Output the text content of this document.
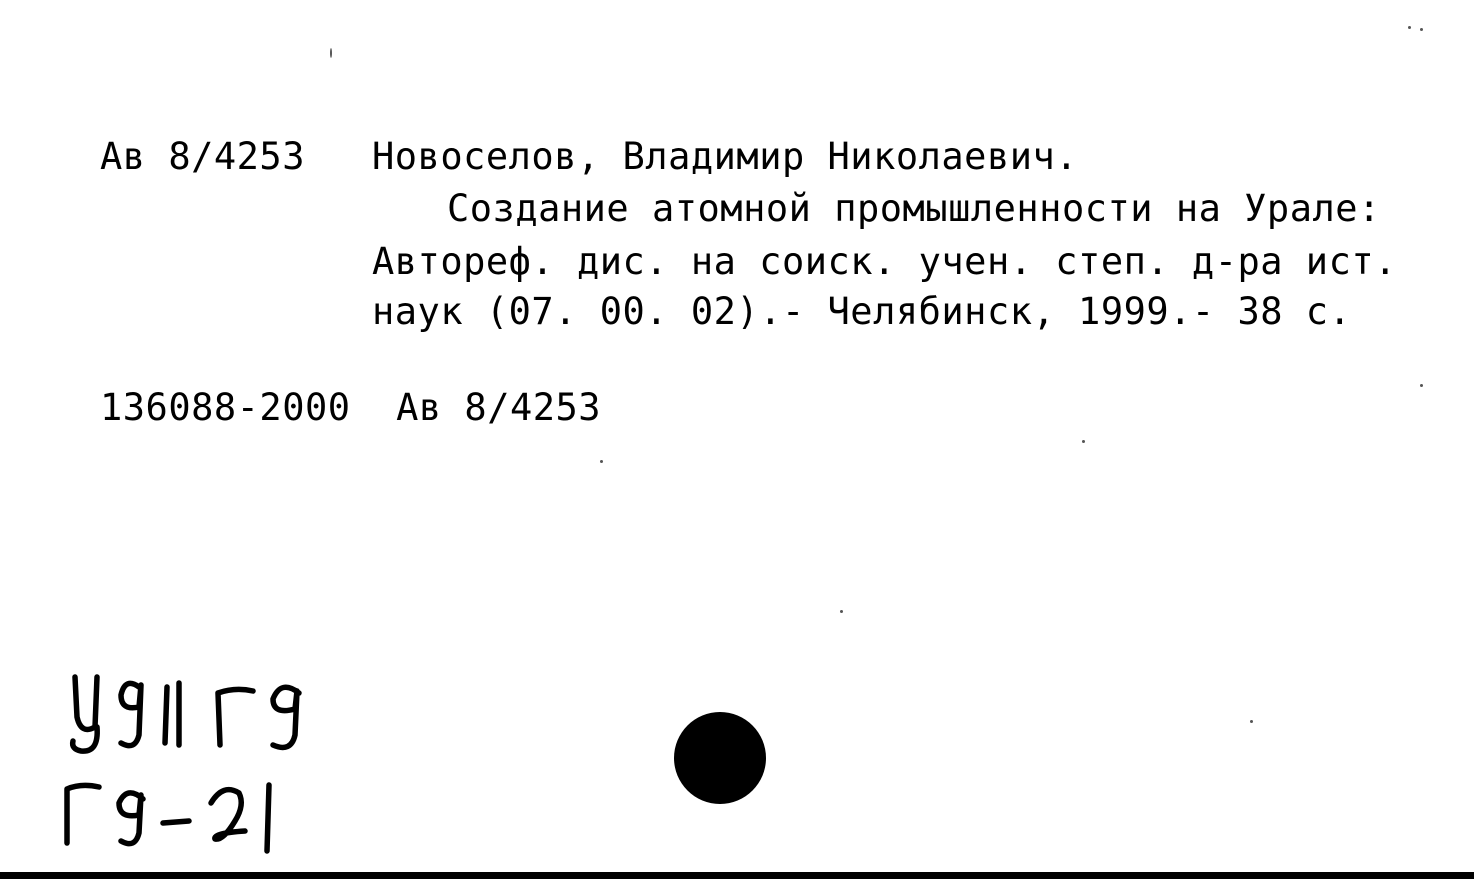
Ав 8/4253 Новоселов, Владимир Николаевич.
Создание атомной промышленности на Урале:
Автореф. дис. на соиск. учен. степ. д-ра ист.
наук (07. 00. 02).- Челябинск, 1999.- 38 с.
136088-2000  Ав 8/4253
